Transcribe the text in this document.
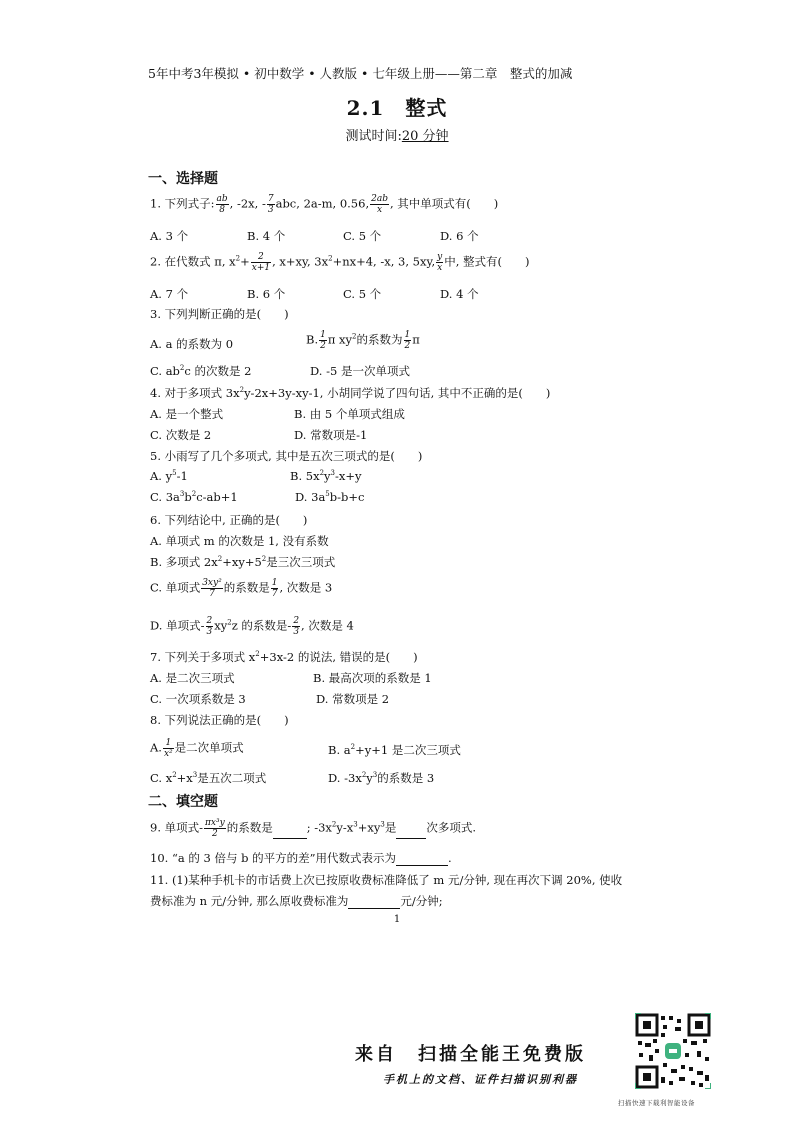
5年中考3年模拟 • 初中数学 • 人教版 • 七年级上册——第二章　整式的加减
2.1　整式
测试时间:20 分钟
一、选择题
1. 下列式子: $\frac{ab}{8}$ , -2x, - $\frac{7}{3}$ abc, 2a-m, 0.56, $\frac{2ab}{x}$ , 其中单项式有(　　)
A. 3 个	B. 4 个	C. 5 个	D. 6 个
2. 在代数式 π, $x^2+ \frac{2}{x+1}$ , x+xy, $3x^2+nx+4$, -x, 3, 5xy, $\frac{y}{x}$ 中, 整式有(　　)
A. 7 个	B. 6 个	C. 5 个	D. 4 个
3. 下列判断正确的是(　　)
A. a 的系数为 0	B. $\frac{1}{2}$ π $xy^2$的系数为 $\frac{1}{2}$ π
C. $ab^2c$ 的次数是 2	D. -5 是一次单项式
4. 对于多项式 $3x^2y-2x+3y-xy-1$, 小胡同学说了四句话, 其中不正确的是(　　)
A. 是一个整式	B. 由 5 个单项式组成
C. 次数是 2	D. 常数项是-1
5. 小雨写了几个多项式, 其中是五次三项式的是(　　)
A. $y^5-1$	B. $5x^2y^3-x+y$
C. $3a^3b^2c-ab+1$	D. $3a^5b-b+c$
6. 下列结论中, 正确的是(　　)
A. 单项式 m 的次数是 1, 没有系数
B. 多项式 $2x^2+xy+5^2$是三次三项式
C. 单项式 $\frac{\text{3xy²}}{7}$ 的系数是 $\frac{1}{7}$ , 次数是 3
D. 单项式- $\frac{2}{3} xy^2z$ 的系数是- $\frac{2}{3}$ , 次数是 4
7. 下列关于多项式 $x^2+3x-2$ 的说法, 错误的是(　　)
A. 是二次三项式	B. 最高次项的系数是 1
C. 一次项系数是 3	D. 常数项是 2
8. 下列说法正确的是(　　)
A. $\frac{1}{\text{x²}}$ 是二次单项式	B. $a^2+y+1$ 是二次三项式
C. $x^2+x^3$是五次二项式	D. $-3x^2y^3$的系数是 3
二、填空题
9. 单项式- $\frac{\text{πx³y}}{2}$ 的系数是	; $-3x^2y-x^3+xy^3$是	次多项式.
10. “a 的 3 倍与 b 的平方的差”用代数式表示为	.
11. (1)某种手机卡的市话费上次已按原收费标准降低了 m 元/分钟, 现在再次下调 20%, 使收
费标准为 n 元/分钟, 那么原收费标准为	元/分钟;
1
来自　扫描全能王免费版
手机上的文档、证件扫描识别利器
扫描快速下载利智能设备
